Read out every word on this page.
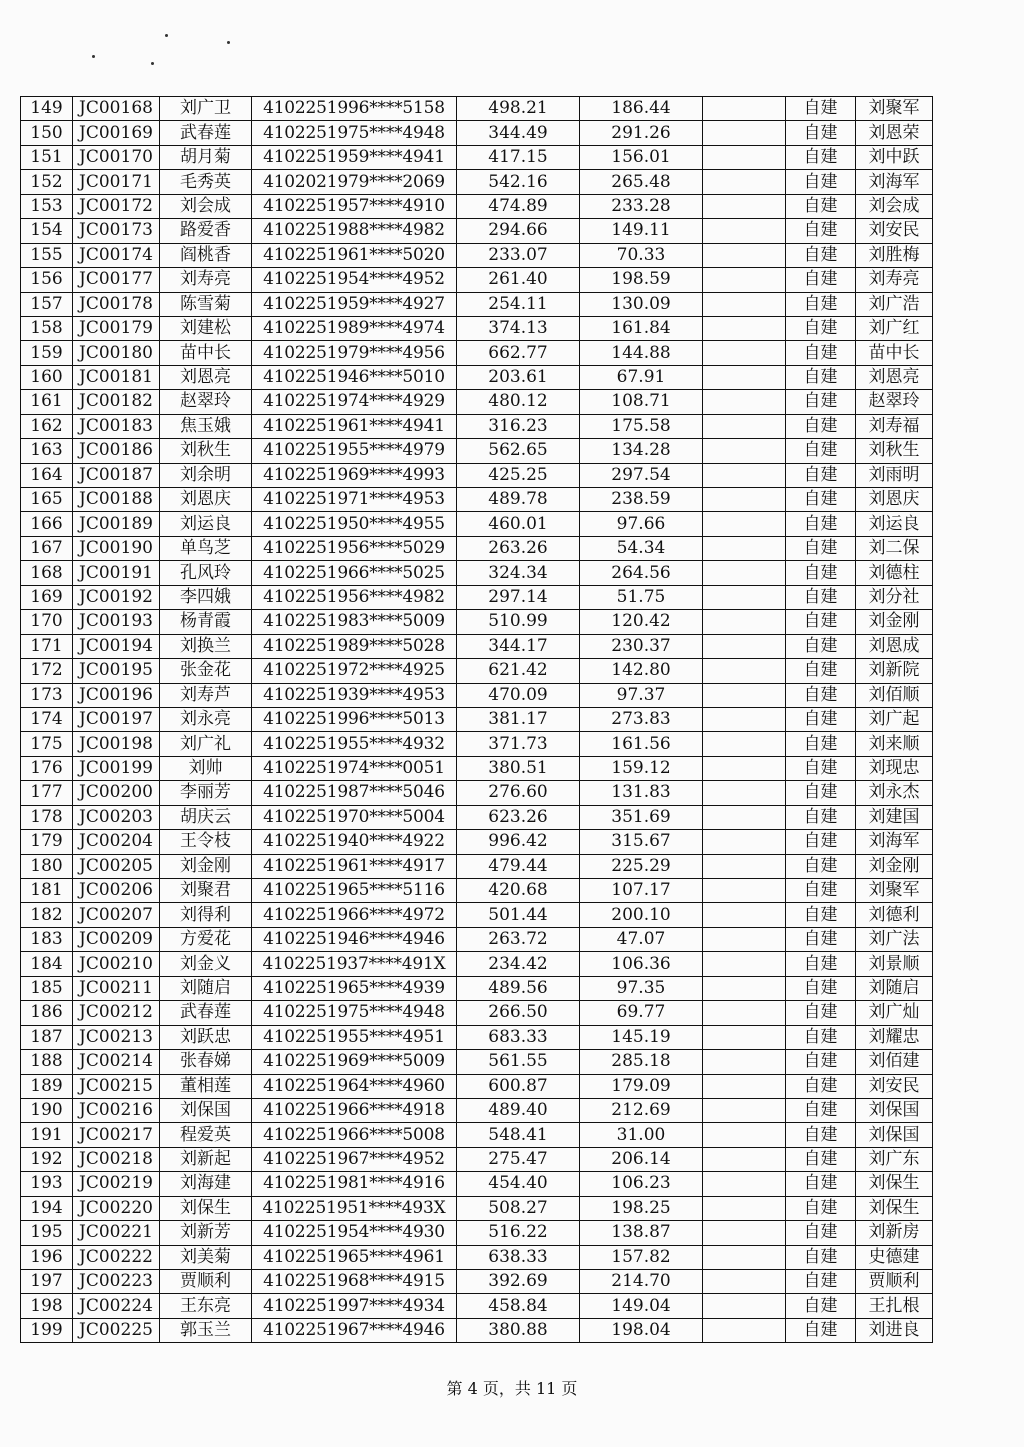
149	JC00168	刘广卫	4102251996****5158	498.21	186.44		自建	刘聚军
150	JC00169	武春莲	4102251975****4948	344.49	291.26		自建	刘恩荣
151	JC00170	胡月菊	4102251959****4941	417.15	156.01		自建	刘中跃
152	JC00171	毛秀英	4102021979****2069	542.16	265.48		自建	刘海军
153	JC00172	刘会成	4102251957****4910	474.89	233.28		自建	刘会成
154	JC00173	路爱香	4102251988****4982	294.66	149.11		自建	刘安民
155	JC00174	阎桃香	4102251961****5020	233.07	70.33		自建	刘胜梅
156	JC00177	刘寿亮	4102251954****4952	261.40	198.59		自建	刘寿亮
157	JC00178	陈雪菊	4102251959****4927	254.11	130.09		自建	刘广浩
158	JC00179	刘建松	4102251989****4974	374.13	161.84		自建	刘广红
159	JC00180	苗中长	4102251979****4956	662.77	144.88		自建	苗中长
160	JC00181	刘恩亮	4102251946****5010	203.61	67.91		自建	刘恩亮
161	JC00182	赵翠玲	4102251974****4929	480.12	108.71		自建	赵翠玲
162	JC00183	焦玉娥	4102251961****4941	316.23	175.58		自建	刘寿福
163	JC00186	刘秋生	4102251955****4979	562.65	134.28		自建	刘秋生
164	JC00187	刘余明	4102251969****4993	425.25	297.54		自建	刘雨明
165	JC00188	刘恩庆	4102251971****4953	489.78	238.59		自建	刘恩庆
166	JC00189	刘运良	4102251950****4955	460.01	97.66		自建	刘运良
167	JC00190	单鸟芝	4102251956****5029	263.26	54.34		自建	刘二保
168	JC00191	孔风玲	4102251966****5025	324.34	264.56		自建	刘德柱
169	JC00192	李四娥	4102251956****4982	297.14	51.75		自建	刘分社
170	JC00193	杨青霞	4102251983****5009	510.99	120.42		自建	刘金刚
171	JC00194	刘换兰	4102251989****5028	344.17	230.37		自建	刘恩成
172	JC00195	张金花	4102251972****4925	621.42	142.80		自建	刘新院
173	JC00196	刘寿芦	4102251939****4953	470.09	97.37		自建	刘佰顺
174	JC00197	刘永亮	4102251996****5013	381.17	273.83		自建	刘广起
175	JC00198	刘广礼	4102251955****4932	371.73	161.56		自建	刘来顺
176	JC00199	刘帅	4102251974****0051	380.51	159.12		自建	刘现忠
177	JC00200	李丽芳	4102251987****5046	276.60	131.83		自建	刘永杰
178	JC00203	胡庆云	4102251970****5004	623.26	351.69		自建	刘建国
179	JC00204	王令枝	4102251940****4922	996.42	315.67		自建	刘海军
180	JC00205	刘金刚	4102251961****4917	479.44	225.29		自建	刘金刚
181	JC00206	刘聚君	4102251965****5116	420.68	107.17		自建	刘聚军
182	JC00207	刘得利	4102251966****4972	501.44	200.10		自建	刘德利
183	JC00209	方爱花	4102251946****4946	263.72	47.07		自建	刘广法
184	JC00210	刘金义	4102251937****491X	234.42	106.36		自建	刘景顺
185	JC00211	刘随启	4102251965****4939	489.56	97.35		自建	刘随启
186	JC00212	武春莲	4102251975****4948	266.50	69.77		自建	刘广灿
187	JC00213	刘跃忠	4102251955****4951	683.33	145.19		自建	刘耀忠
188	JC00214	张春娣	4102251969****5009	561.55	285.18		自建	刘佰建
189	JC00215	董相莲	4102251964****4960	600.87	179.09		自建	刘安民
190	JC00216	刘保国	4102251966****4918	489.40	212.69		自建	刘保国
191	JC00217	程爱英	4102251966****5008	548.41	31.00		自建	刘保国
192	JC00218	刘新起	4102251967****4952	275.47	206.14		自建	刘广东
193	JC00219	刘海建	4102251981****4916	454.40	106.23		自建	刘保生
194	JC00220	刘保生	4102251951****493X	508.27	198.25		自建	刘保生
195	JC00221	刘新芳	4102251954****4930	516.22	138.87		自建	刘新房
196	JC00222	刘美菊	4102251965****4961	638.33	157.82		自建	史德建
197	JC00223	贾顺利	4102251968****4915	392.69	214.70		自建	贾顺利
198	JC00224	王东亮	4102251997****4934	458.84	149.04		自建	王扎根
199	JC00225	郭玉兰	4102251967****4946	380.88	198.04		自建	刘进良
第 4 页，共 11 页
